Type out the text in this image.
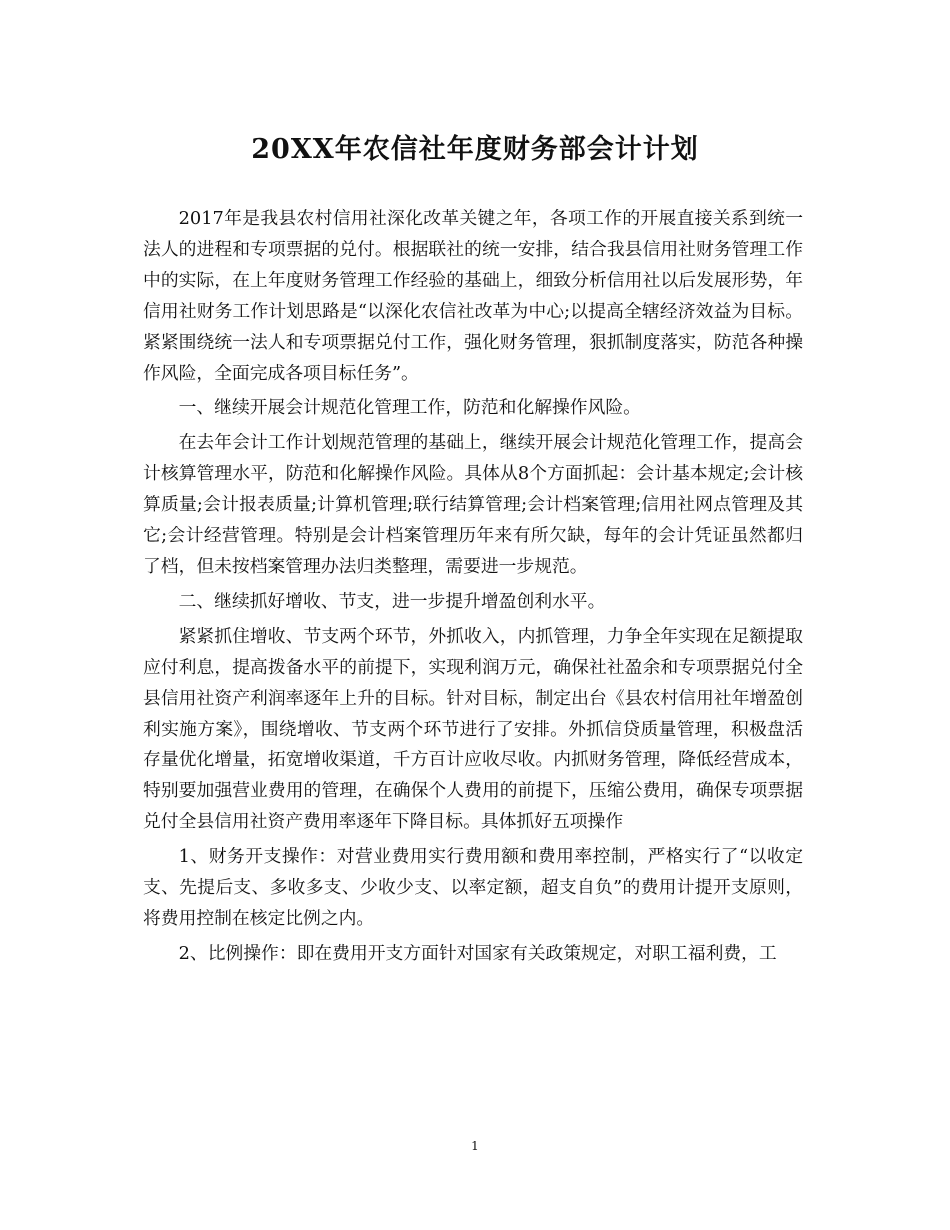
20XX年农信社年度财务部会计计划

2017年是我县农村信用社深化改革关键之年，各项工作的开展直接关系到统一法人的进程和专项票据的兑付。根据联社的统一安排，结合我县信用社财务管理工作中的实际，在上年度财务管理工作经验的基础上，细致分析信用社以后发展形势，年信用社财务工作计划思路是“以深化农信社改革为中心;以提高全辖经济效益为目标。紧紧围绕统一法人和专项票据兑付工作，强化财务管理，狠抓制度落实，防范各种操作风险，全面完成各项目标任务”。

一、继续开展会计规范化管理工作，防范和化解操作风险。

在去年会计工作计划规范管理的基础上，继续开展会计规范化管理工作，提高会计核算管理水平，防范和化解操作风险。具体从8个方面抓起：会计基本规定;会计核算质量;会计报表质量;计算机管理;联行结算管理;会计档案管理;信用社网点管理及其它;会计经营管理。特别是会计档案管理历年来有所欠缺，每年的会计凭证虽然都归了档，但未按档案管理办法归类整理，需要进一步规范。

二、继续抓好增收、节支，进一步提升增盈创利水平。

紧紧抓住增收、节支两个环节，外抓收入，内抓管理，力争全年实现在足额提取应付利息，提高拨备水平的前提下，实现利润万元，确保社社盈余和专项票据兑付全县信用社资产利润率逐年上升的目标。针对目标，制定出台《县农村信用社年增盈创利实施方案》，围绕增收、节支两个环节进行了安排。外抓信贷质量管理，积极盘活存量优化增量，拓宽增收渠道，千方百计应收尽收。内抓财务管理，降低经营成本，特别要加强营业费用的管理，在确保个人费用的前提下，压缩公费用，确保专项票据兑付全县信用社资产费用率逐年下降目标。具体抓好五项操作

1、财务开支操作：对营业费用实行费用额和费用率控制，严格实行了“以收定支、先提后支、多收多支、少收少支、以率定额，超支自负”的费用计提开支原则，将费用控制在核定比例之内。

2、比例操作：即在费用开支方面针对国家有关政策规定，对职工福利费，工

1
